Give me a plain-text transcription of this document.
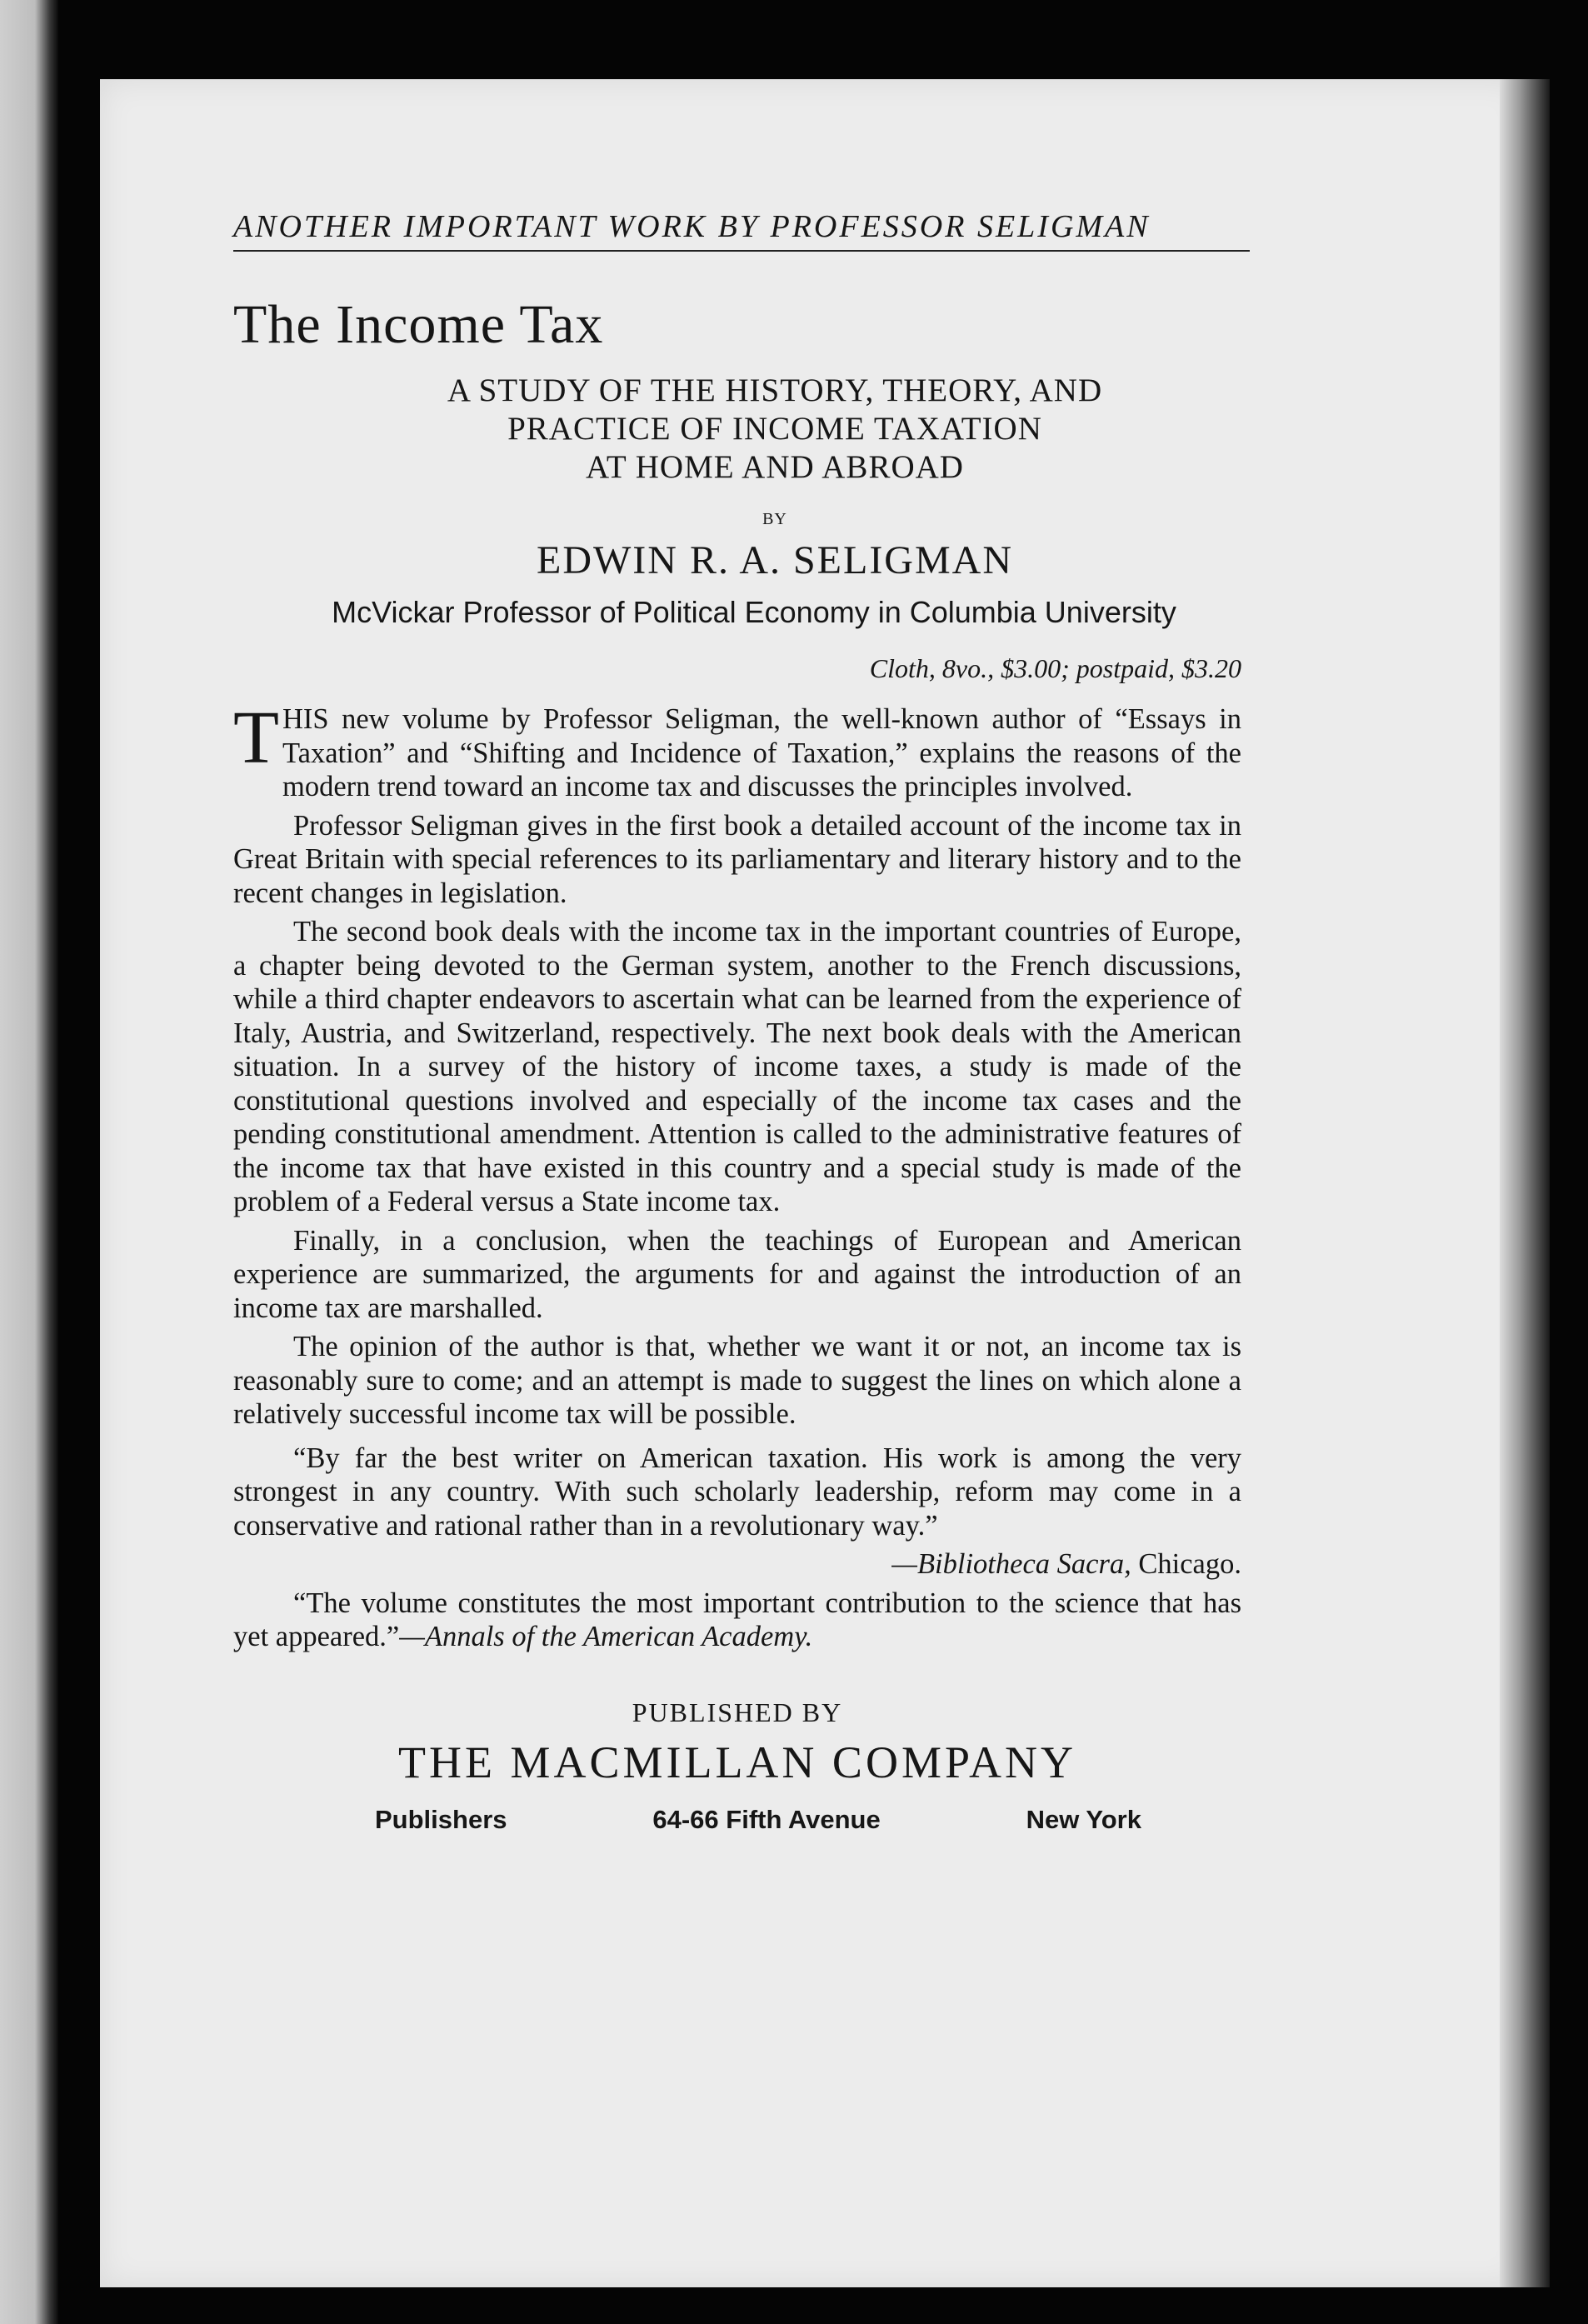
ANOTHER IMPORTANT WORK BY PROFESSOR SELIGMAN
The Income Tax
A STUDY OF THE HISTORY, THEORY, AND
PRACTICE OF INCOME TAXATION
AT HOME AND ABROAD
BY
EDWIN R. A. SELIGMAN
McVickar Professor of Political Economy in Columbia University
Cloth, 8vo., $3.00; postpaid, $3.20

THIS new volume by Professor Seligman, the well-known author of “Essays in Taxation” and “Shifting and Incidence of Taxation,” explains the reasons of the modern trend toward an income tax and discusses the principles involved.

Professor Seligman gives in the first book a detailed account of the income tax in Great Britain with special references to its parliamentary and literary history and to the recent changes in legislation.

The second book deals with the income tax in the important countries of Europe, a chapter being devoted to the German system, another to the French discussions, while a third chapter endeavors to ascertain what can be learned from the experience of Italy, Austria, and Switzerland, respectively. The next book deals with the American situation. In a survey of the history of income taxes, a study is made of the constitutional questions involved and especially of the income tax cases and the pending constitutional amendment. Attention is called to the administrative features of the income tax that have existed in this country and a special study is made of the problem of a Federal versus a State income tax.

Finally, in a conclusion, when the teachings of European and American experience are summarized, the arguments for and against the introduction of an income tax are marshalled.

The opinion of the author is that, whether we want it or not, an income tax is reasonably sure to come; and an attempt is made to suggest the lines on which alone a relatively successful income tax will be possible.

“By far the best writer on American taxation. His work is among the very strongest in any country. With such scholarly leadership, reform may come in a conservative and rational rather than in a revolutionary way.”

—Bibliotheca Sacra, Chicago.

“The volume constitutes the most important contribution to the science that has yet appeared.”—Annals of the American Academy.

PUBLISHED BY
THE MACMILLAN COMPANY
Publishers	64-66 Fifth Avenue	New York
